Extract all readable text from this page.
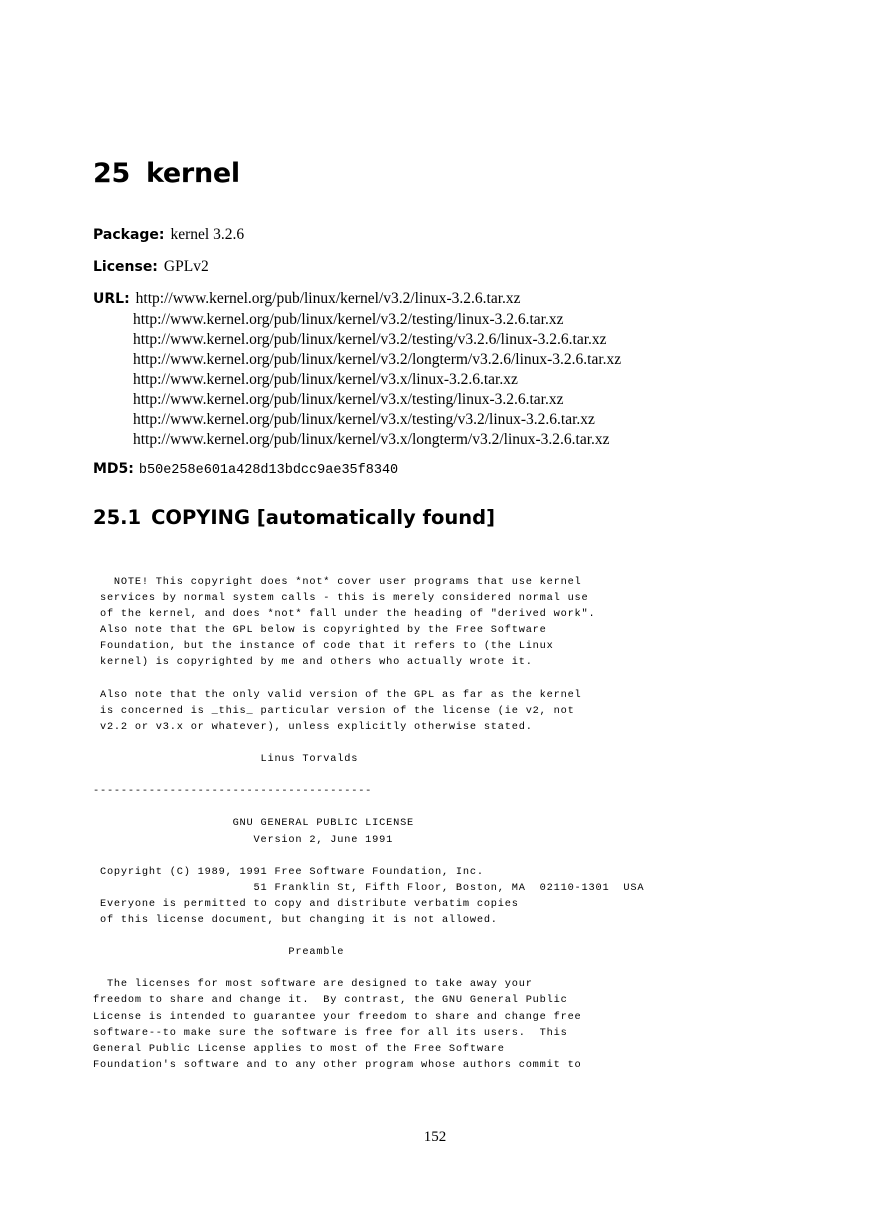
25 kernel
Package: kernel 3.2.6
License: GPLv2
URL: http://www.kernel.org/pub/linux/kernel/v3.2/linux-3.2.6.tar.xz
http://www.kernel.org/pub/linux/kernel/v3.2/testing/linux-3.2.6.tar.xz
http://www.kernel.org/pub/linux/kernel/v3.2/testing/v3.2.6/linux-3.2.6.tar.xz
http://www.kernel.org/pub/linux/kernel/v3.2/longterm/v3.2.6/linux-3.2.6.tar.xz
http://www.kernel.org/pub/linux/kernel/v3.x/linux-3.2.6.tar.xz
http://www.kernel.org/pub/linux/kernel/v3.x/testing/linux-3.2.6.tar.xz
http://www.kernel.org/pub/linux/kernel/v3.x/testing/v3.2/linux-3.2.6.tar.xz
http://www.kernel.org/pub/linux/kernel/v3.x/longterm/v3.2/linux-3.2.6.tar.xz
MD5: b50e258e601a428d13bdcc9ae35f8340
25.1 COPYING [automatically found]
NOTE! This copyright does *not* cover user programs that use kernel
services by normal system calls - this is merely considered normal use
of the kernel, and does *not* fall under the heading of "derived work".
Also note that the GPL below is copyrighted by the Free Software
Foundation, but the instance of code that it refers to (the Linux
kernel) is copyrighted by me and others who actually wrote it.

Also note that the only valid version of the GPL as far as the kernel
is concerned is _this_ particular version of the license (ie v2, not
v2.2 or v3.x or whatever), unless explicitly otherwise stated.

Linus Torvalds

----------------------------------------

GNU GENERAL PUBLIC LICENSE
Version 2, June 1991

Copyright (C) 1989, 1991 Free Software Foundation, Inc.
51 Franklin St, Fifth Floor, Boston, MA  02110-1301  USA
Everyone is permitted to copy and distribute verbatim copies
of this license document, but changing it is not allowed.

Preamble

The licenses for most software are designed to take away your
freedom to share and change it.  By contrast, the GNU General Public
License is intended to guarantee your freedom to share and change free
software--to make sure the software is free for all its users.  This
General Public License applies to most of the Free Software
Foundation's software and to any other program whose authors commit to
152
